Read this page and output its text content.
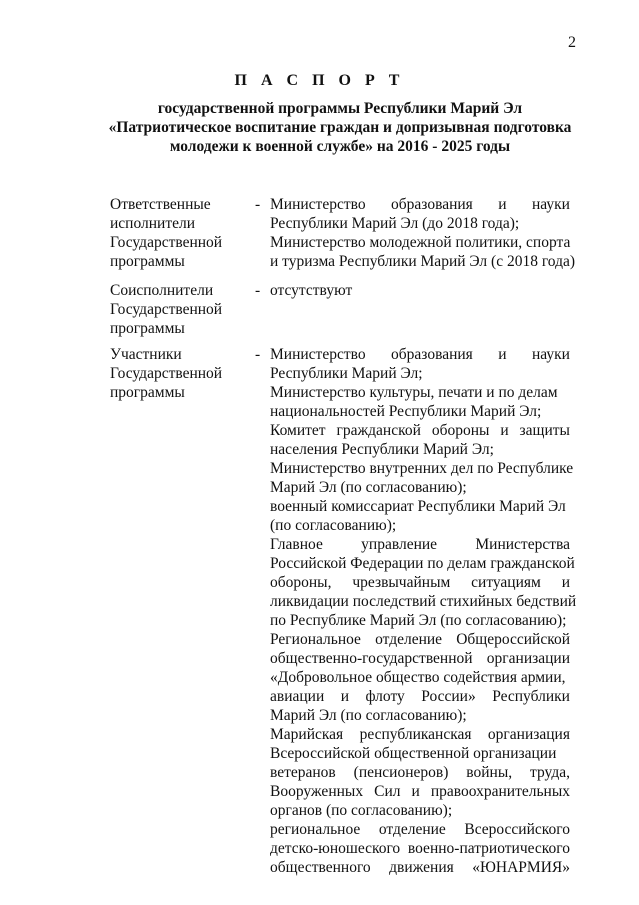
2
П А С П О Р Т
государственной программы Республики Марий Эл
«Патриотическое воспитание граждан и допризывная подготовка
молодежи к военной службе» на 2016 - 2025 годы
Ответственные
исполнители
Государственной
программы
- Министерство образования и науки
Республики Марий Эл (до 2018 года);
Министерство молодежной политики, спорта
и туризма Республики Марий Эл (с 2018 года)
Соисполнители
Государственной
программы
- отсутствуют
Участники
Государственной
программы
- Министерство образования и науки
Республики Марий Эл;
Министерство культуры, печати и по делам
национальностей Республики Марий Эл;
Комитет гражданской обороны и защиты
населения Республики Марий Эл;
Министерство внутренних дел по Республике
Марий Эл (по согласованию);
военный комиссариат Республики Марий Эл
(по согласованию);
Главное управление Министерства
Российской Федерации по делам гражданской
обороны, чрезвычайным ситуациям и
ликвидации последствий стихийных бедствий
по Республике Марий Эл (по согласованию);
Региональное отделение Общероссийской
общественно-государственной организации
«Добровольное общество содействия армии,
авиации и флоту России» Республики
Марий Эл (по согласованию);
Марийская республиканская организация
Всероссийской общественной организации
ветеранов (пенсионеров) войны, труда,
Вооруженных Сил и правоохранительных
органов (по согласованию);
региональное отделение Всероссийского
детско-юношеского военно-патриотического
общественного движения «ЮНАРМИЯ»
